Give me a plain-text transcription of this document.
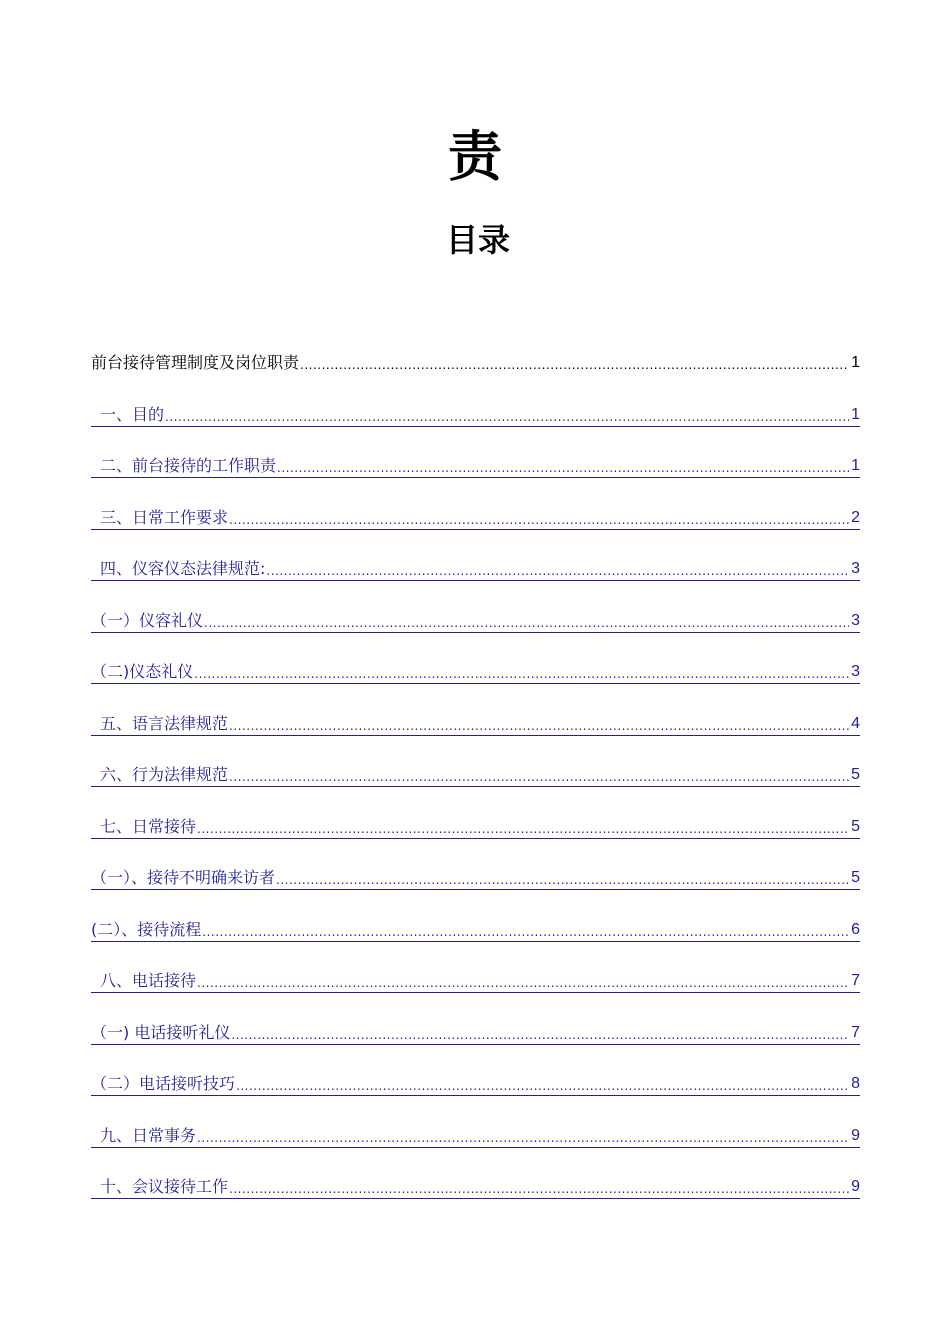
责
目录
前台接待管理制度及岗位职责 .....	1
一、目的 .....	1
二、前台接待的工作职责 .....	1
三、日常工作要求 .....	2
四、仪容仪态法律规范: .....	3
（一）仪容礼仪 .....	3
（二)仪态礼仪 .....	3
五、语言法律规范 .....	4
六、行为法律规范 .....	5
七、日常接待 .....	5
（一）、接待不明确来访者 .....	5
(二）、接待流程 .....	6
八、电话接待 .....	7
（一) 电话接听礼仪 .....	7
（二）电话接听技巧 .....	8
九、日常事务 .....	9
十、会议接待工作 .....	9
